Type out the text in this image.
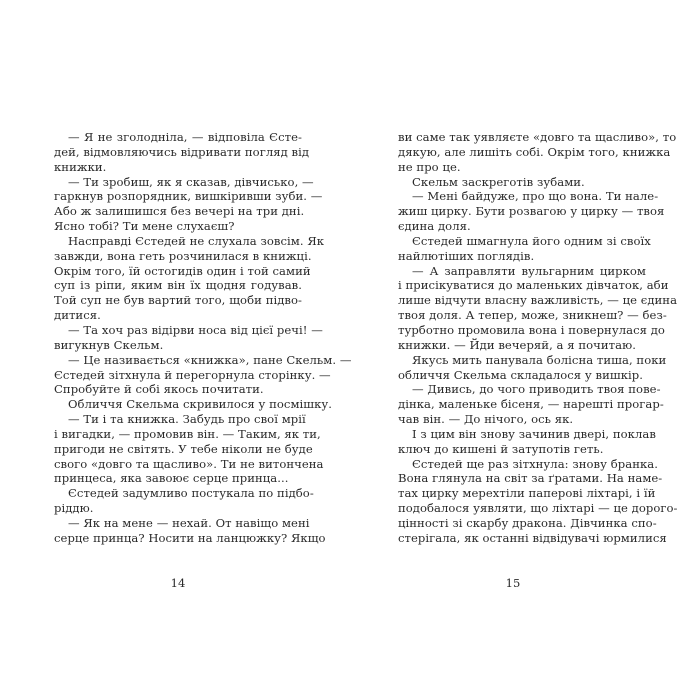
— Я не зголодніла, — відповіла Єсте-
дей, відмовляючись відривати погляд від
книжки.
— Ти зробиш, як я сказав, дівчисько, —
гаркнув розпорядник, вишкіривши зуби. —
Або ж залишишся без вечері на три дні.
Ясно тобі? Ти мене слухаєш?
Насправді Єстедей не слухала зовсім. Як
завжди, вона геть розчинилася в книжці.
Окрім того, їй остогидів один і той самий
суп із ріпи, яким він їх щодня годував.
Той суп не був вартий того, щоби підво-
дитися.
— Та хоч раз відірви носа від цієї речі! —
вигукнув Скельм.
— Це називається «книжка», пане Скельм. —
Єстедей зітхнула й перегорнула сторінку. —
Спробуйте й собі якось почитати.
Обличчя Скельма скривилося у посмішку.
— Ти і та книжка. Забудь про свої мрії
і вигадки, — промовив він. — Таким, як ти,
пригоди не світять. У тебе ніколи не буде
свого «довго та щасливо». Ти не витончена
принцеса, яка завоює серце принца...
Єстедей задумливо постукала по підбо-
ріддю.
— Як на мене — нехай. От навіщо мені
серце принца? Носити на ланцюжку? Якщо
14
ви саме так уявляєте «довго та щасливо», то
дякую, але лишіть собі. Окрім того, книжка
не про це.
Скельм заскреготів зубами.
— Мені байдуже, про що вона. Ти нале-
жиш цирку. Бути розвагою у цирку — твоя
єдина доля.
Єстедей шмагнула його одним зі своїх
найлютіших поглядів.
— А заправляти вульгарним цирком
і присікуватися до маленьких дівчаток, аби
лише відчути власну важливість, — це єдина
твоя доля. А тепер, може, зникнеш? — без-
турботно промовила вона і повернулася до
книжки. — Йди вечеряй, а я почитаю.
Якусь мить панувала болісна тиша, поки
обличчя Скельма складалося у вишкір.
— Дивись, до чого приводить твоя пове-
дінка, маленьке бісеня, — нарешті прогар-
чав він. — До нічого, ось як.
І з цим він знову зачинив двері, поклав
ключ до кишені й затупотів геть.
Єстедей ще раз зітхнула: знову бранка.
Вона глянула на світ за ґратами. На наме-
тах цирку мерехтіли паперові ліхтарі, і їй
подобалося уявляти, що ліхтарі — це дорого-
цінності зі скарбу дракона. Дівчинка спо-
стерігала, як останні відвідувачі юрмилися
15
